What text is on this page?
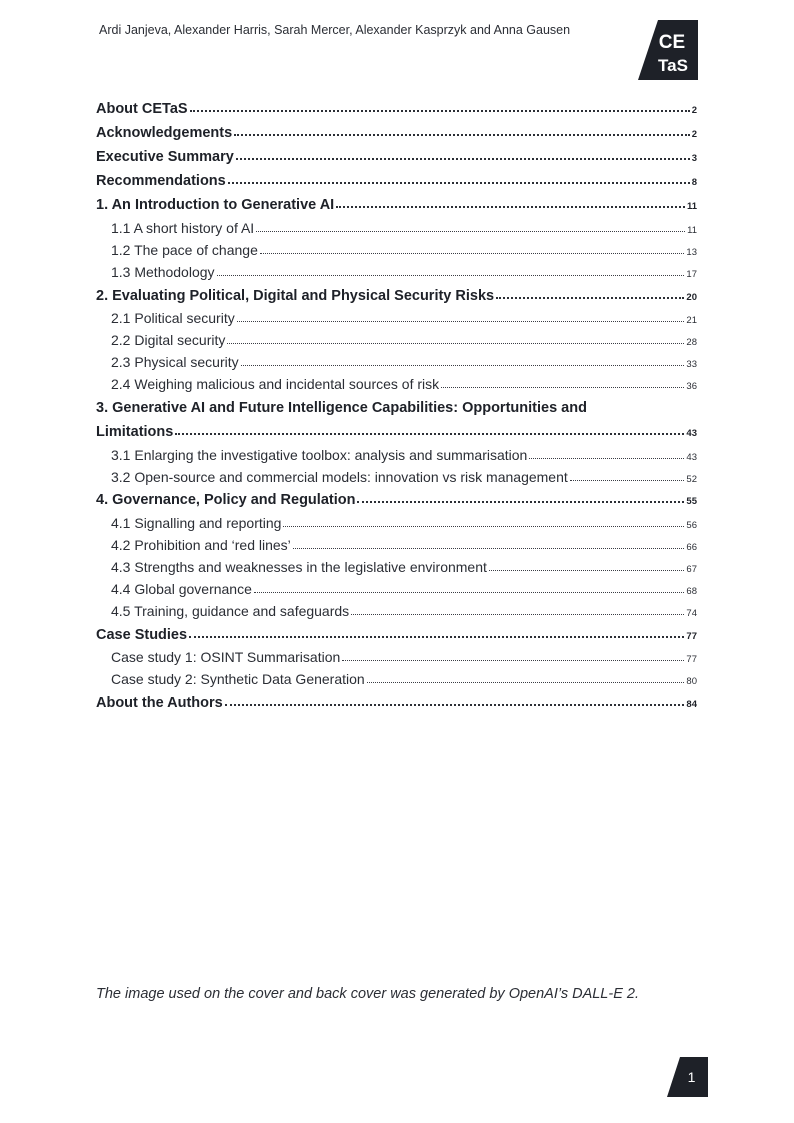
Ardi Janjeva, Alexander Harris, Sarah Mercer, Alexander Kasprzyk and Anna Gausen
CE
TaS
About CETaS	2
Acknowledgements	2
Executive Summary	3
Recommendations	8
1. An Introduction to Generative AI	11
1.1 A short history of AI	11
1.2 The pace of change	13
1.3 Methodology	17
2. Evaluating Political, Digital and Physical Security Risks	20
2.1 Political security	21
2.2 Digital security	28
2.3 Physical security	33
2.4 Weighing malicious and incidental sources of risk	36
3. Generative AI and Future Intelligence Capabilities: Opportunities and
Limitations	43
3.1 Enlarging the investigative toolbox: analysis and summarisation	43
3.2 Open-source and commercial models: innovation vs risk management	52
4. Governance, Policy and Regulation	55
4.1 Signalling and reporting	56
4.2 Prohibition and ‘red lines’	66
4.3 Strengths and weaknesses in the legislative environment	67
4.4 Global governance	68
4.5 Training, guidance and safeguards	74
Case Studies	77
Case study 1: OSINT Summarisation	77
Case study 2: Synthetic Data Generation	80
About the Authors	84
The image used on the cover and back cover was generated by OpenAI’s DALL-E 2.
1
